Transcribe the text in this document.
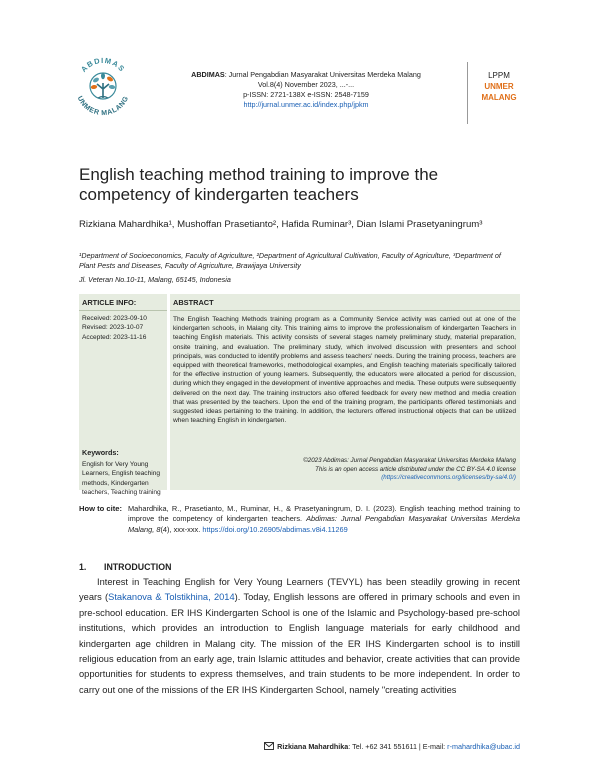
ABDIMAS
UNMER MALANG
ABDIMAS: Jurnal Pengabdian Masyarakat Universitas Merdeka Malang
Vol.8(4) November 2023, ...-...
p-ISSN: 2721-138X e-ISSN: 2548-7159
http://jurnal.unmer.ac.id/index.php/jpkm
LPPM
UNMER
MALANG
English teaching method training to improve the competency of kindergarten teachers
Rizkiana Mahardhika¹, Mushoffan Prasetianto², Hafida Ruminar³, Dian Islami Prasetyaningrum³
¹Department of Socioeconomics, Faculty of Agriculture, ²Department of Agricultural Cultivation, Faculty of Agriculture, ³Department of Plant Pests and Diseases, Faculty of Agriculture, Brawijaya University
Jl. Veteran No.10-11, Malang, 65145, Indonesia
ARTICLE INFO:
Received: 2023-09-10
Revised: 2023-10-07
Accepted: 2023-11-16
Keywords:
English for Very Young Learners, English teaching methods, Kindergarten teachers, Teaching training
ABSTRACT
The English Teaching Methods training program as a Community Service activity was carried out at one of the kindergarten schools, in Malang city. This training aims to improve the professionalism of kindergarten Teachers in teaching English materials. This activity consists of several stages namely preliminary study, material preparation, onsite training, and evaluation. The preliminary study, which involved discussion with presenters and school principals, was conducted to identify problems and assess teachers' needs. During the training process, teachers are equipped with theoretical frameworks, methodological examples, and English teaching materials specifically tailored for the effective instruction of young learners. Subsequently, the educators were allocated a period for discussion, during which they engaged in the development of inventive approaches and media. These outputs were subsequently delivered on the next day. The training instructors also offered feedback for every new method and media creation that was presented by the teachers. Upon the end of the training program, the participants offered testimonials and suggested ideas pertaining to the training. In addition, the lecturers offered instructional objects that can be utilized when teaching English in kindergarten.
©2023 Abdimas: Jurnal Pengabdian Masyarakat Universitas Merdeka Malang
This is an open access article distributed under the CC BY-SA 4.0 license
(https://creativecommons.org/licenses/by-sa/4.0/)
How to cite: Mahardhika, R., Prasetianto, M., Ruminar, H., & Prasetyaningrum, D. I. (2023). English teaching method training to improve the competency of kindergarten teachers. Abdimas: Jurnal Pengabdian Masyarakat Universitas Merdeka Malang, 8(4), xxx-xxx. https://doi.org/10.26905/abdimas.v8i4.11269
1. INTRODUCTION
Interest in Teaching English for Very Young Learners (TEVYL) has been steadily growing in recent years (Stakanova & Tolstikhina, 2014). Today, English lessons are offered in primary schools and even in pre-school education. ER IHS Kindergarten School is one of the Islamic and Psychology-based pre-school institutions, which provides an introduction to English language materials for early childhood and kindergarten age children in Malang city. The mission of the ER IHS Kindergarten school is to instill religious education from an early age, train Islamic attitudes and behavior, create activities that can provide opportunities for students to express themselves, and train students to be more independent. In order to carry out one of the missions of the ER IHS Kindergarten School, namely "creating activities
Rizkiana Mahardhika: Tel. +62 341 551611 | E-mail: r-mahardhika@ubac.id
